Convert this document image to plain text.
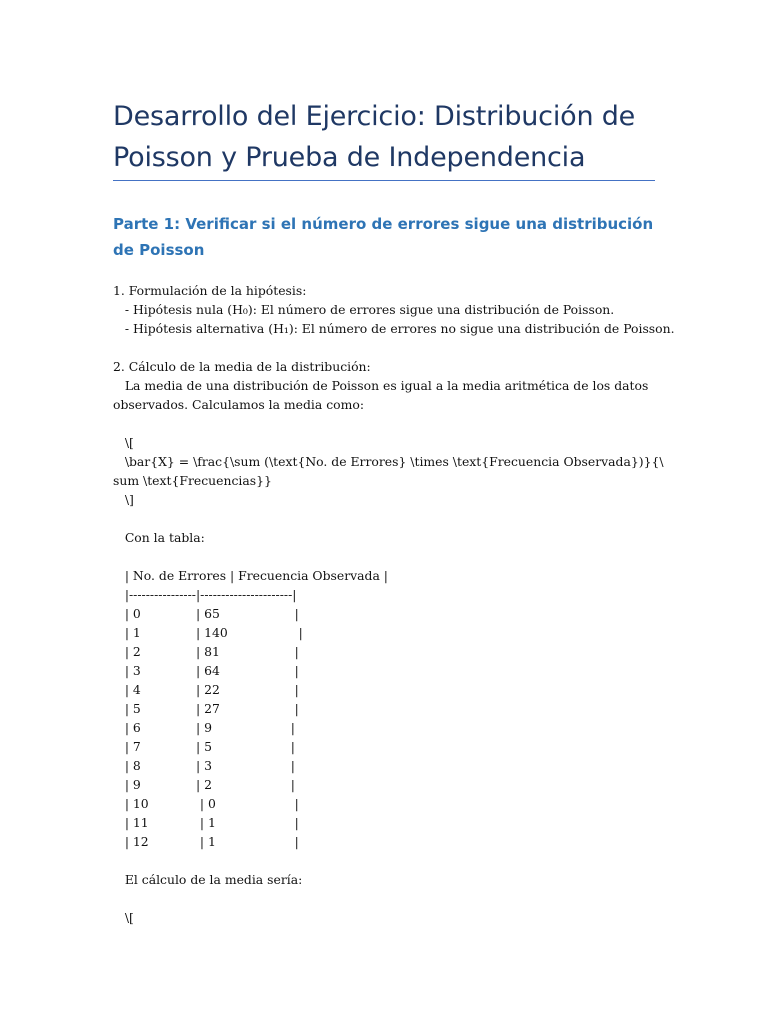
Desarrollo del Ejercicio: Distribución de Poisson y Prueba de Independencia
Parte 1: Verificar si el número de errores sigue una distribución de Poisson
1. Formulación de la hipótesis:
- Hipótesis nula (H₀): El número de errores sigue una distribución de Poisson.
- Hipótesis alternativa (H₁): El número de errores no sigue una distribución de Poisson.
2. Cálculo de la media de la distribución:
La media de una distribución de Poisson es igual a la media aritmética de los datos
observados. Calculamos la media como:
\[
\bar{X} = \frac{\sum (\text{No. de Errores} \times \text{Frecuencia Observada})}{\
sum \text{Frecuencias}}
\]
Con la tabla:
| No. de Errores | Frecuencia Observada |
|----------------|----------------------|
| 0              | 65                   |
| 1              | 140                  |
| 2              | 81                   |
| 3              | 64                   |
| 4              | 22                   |
| 5              | 27                   |
| 6              | 9                    |
| 7              | 5                    |
| 8              | 3                    |
| 9              | 2                    |
| 10             | 0                    |
| 11             | 1                    |
| 12             | 1                    |
El cálculo de la media sería:
\[
